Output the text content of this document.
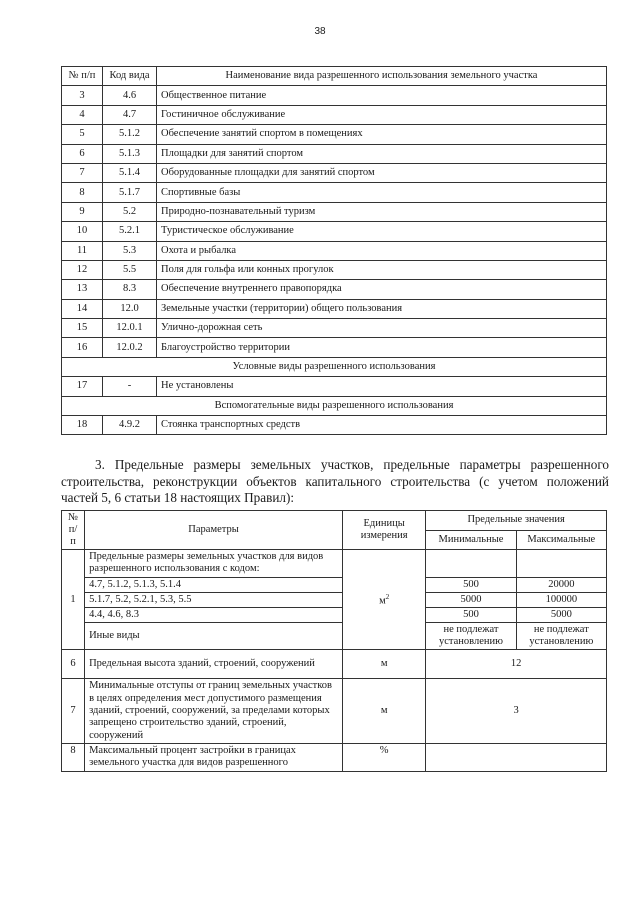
38
№ п/п	Код вида	Наименование вида разрешенного использования земельного участка
3	4.6	Общественное питание
4	4.7	Гостиничное обслуживание
5	5.1.2	Обеспечение занятий спортом в помещениях
6	5.1.3	Площадки для занятий спортом
7	5.1.4	Оборудованные площадки для занятий спортом
8	5.1.7	Спортивные базы
9	5.2	Природно-познавательный туризм
10	5.2.1	Туристическое обслуживание
11	5.3	Охота и рыбалка
12	5.5	Поля для гольфа или конных прогулок
13	8.3	Обеспечение внутреннего правопорядка
14	12.0	Земельные участки (территории) общего пользования
15	12.0.1	Улично-дорожная сеть
16	12.0.2	Благоустройство территории
Условные виды разрешенного использования		
17	-	Не установлены
Вспомогательные виды разрешенного использования		
18	4.9.2	Стоянка транспортных средств

3. Предельные размеры земельных участков, предельные параметры разрешенного строительства, реконструкции объектов капитального строительства (с учетом положений частей 5, 6 статьи 18 настоящих Правил):

№ п/п	Параметры	Единицы измерения	Предельные значения	
			Минимальные	Максимальные
1	Предельные размеры земельных участков для видов разрешенного использования с кодом:	$м^2$		
	4.7, 5.1.2, 5.1.3, 5.1.4		500	20000
	5.1.7, 5.2, 5.2.1, 5.3, 5.5		5000	100000
	4.4, 4.6, 8.3		500	5000
	Иные виды		не подлежат установлению	не подлежат установлению
6	Предельная высота зданий, строений, сооружений	м	12	
7	Минимальные отступы от границ земельных участков в целях определения мест допустимого размещения зданий, строений, сооружений, за пределами которых запрещено строительство зданий, строений, сооружений	м	3	
8	Максимальный процент застройки в границах земельного участка для видов разрешенного	%		
